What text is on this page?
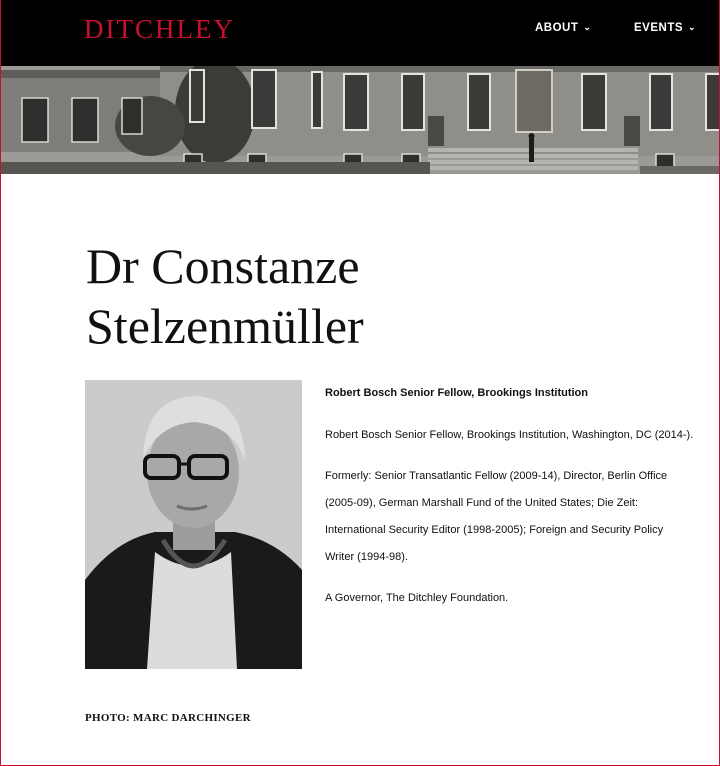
DITCHLEY	ABOUT ⌄	EVENTS ⌄
Dr Constanze
Stelzenmüller
Robert Bosch Senior Fellow, Brookings Institution

Robert Bosch Senior Fellow, Brookings Institution, Washington, DC (2014-).

Formerly: Senior Transatlantic Fellow (2009-14), Director, Berlin Office (2005-09), German Marshall Fund of the United States; Die Zeit: International Security Editor (1998-2005); Foreign and Security Policy Writer (1994-98).

A Governor, The Ditchley Foundation.

PHOTO: MARC DARCHINGER
